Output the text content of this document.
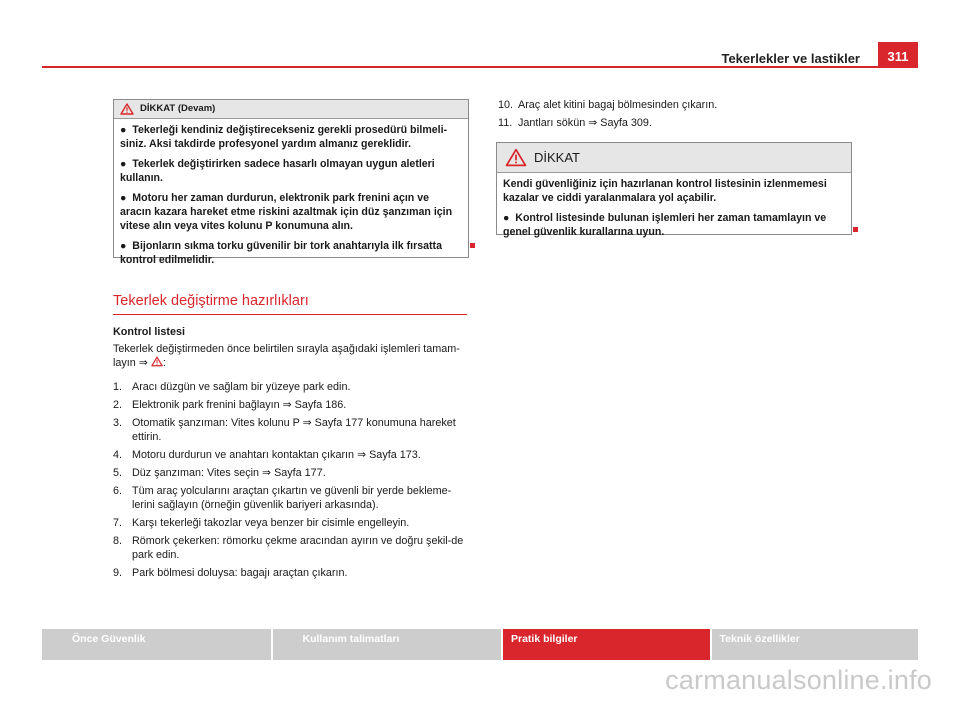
Tekerlekler ve lastikler	311
DİKKAT (Devam)

● Tekerleği kendiniz değiştirecekseniz gerekli prosedürü bilmeli-siniz. Aksi takdirde profesyonel yardım almanız gereklidir.

● Tekerlek değiştirirken sadece hasarlı olmayan uygun aletleri kullanın.

● Motoru her zaman durdurun, elektronik park frenini açın ve aracın kazara hareket etme riskini azaltmak için düz şanzıman için vitese alın veya vites kolunu P konumuna alın.

● Bijonların sıkma torku güvenilir bir tork anahtarıyla ilk fırsatta kontrol edilmelidir.

Tekerlek değiştirme hazırlıkları
Kontrol listesi
Tekerlek değiştirmeden önce belirtilen sırayla aşağıdaki işlemleri tamam-layın ⇒ :
1. Aracı düzgün ve sağlam bir yüzeye park edin.
2. Elektronik park frenini bağlayın ⇒ Sayfa 186.
3. Otomatik şanzıman: Vites kolunu P ⇒ Sayfa 177 konumuna hareket ettirin.
4. Motoru durdurun ve anahtarı kontaktan çıkarın ⇒ Sayfa 173.
5. Düz şanzıman: Vites seçin ⇒ Sayfa 177.
6. Tüm araç yolcularını araçtan çıkartın ve güvenli bir yerde bekleme-lerini sağlayın (örneğin güvenlik bariyeri arkasında).
7. Karşı tekerleği takozlar veya benzer bir cisimle engelleyin.
8. Römork çekerken: römorku çekme aracından ayırın ve doğru şekil-de park edin.
9. Park bölmesi doluysa: bagajı araçtan çıkarın.
10. Araç alet kitini bagaj bölmesinden çıkarın.
11. Jantları sökün ⇒ Sayfa 309.
DİKKAT

Kendi güvenliğiniz için hazırlanan kontrol listesinin izlenmemesi kazalar ve ciddi yaralanmalara yol açabilir.

● Kontrol listesinde bulunan işlemleri her zaman tamamlayın ve genel güvenlik kurallarına uyun.

Önce Güvenlik	Kullanım talimatları	Pratik bilgiler	Teknik özellikler
carmanualsonline.info
